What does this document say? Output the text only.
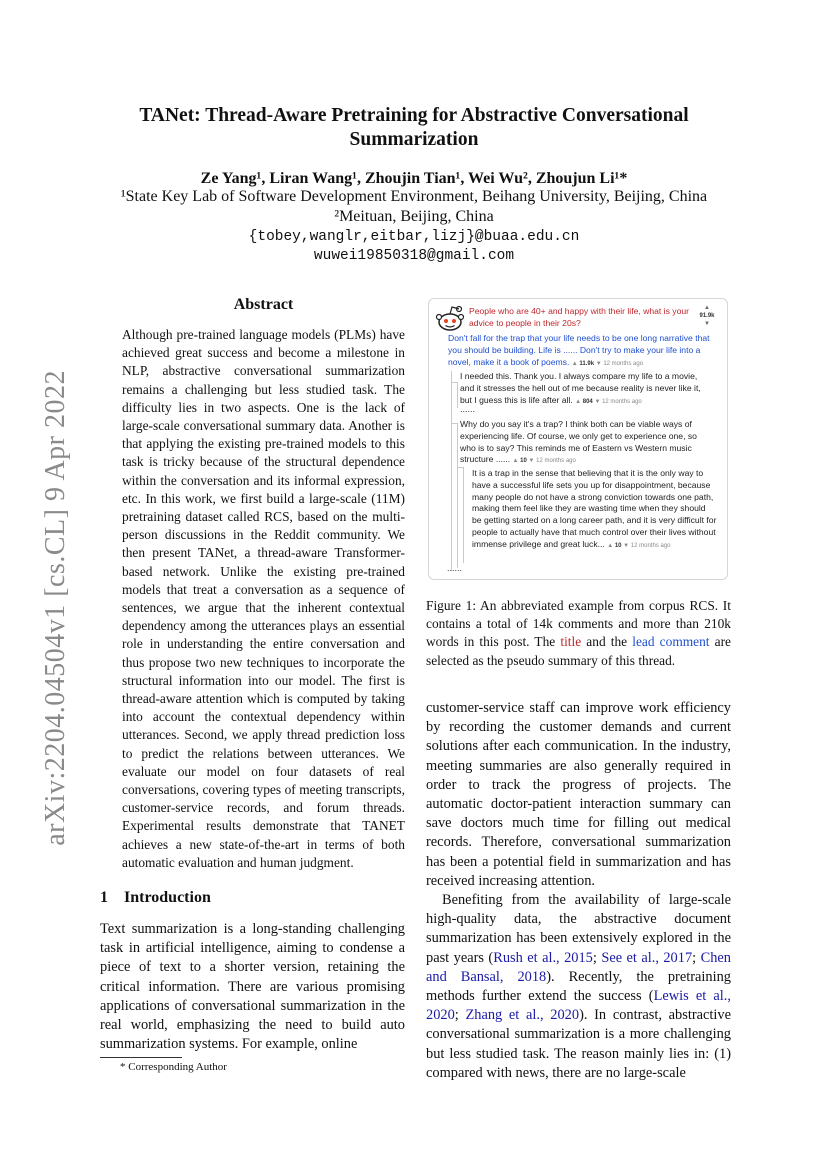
arXiv:2204.04504v1 [cs.CL] 9 Apr 2022
TANet: Thread-Aware Pretraining for Abstractive Conversational
Summarization
Ze Yang¹, Liran Wang¹, Zhoujin Tian¹, Wei Wu², Zhoujun Li¹*
¹State Key Lab of Software Development Environment, Beihang University, Beijing, China
²Meituan, Beijing, China
{tobey,wanglr,eitbar,lizj}@buaa.edu.cn
wuwei19850318@gmail.com
Abstract
Although pre-trained language models (PLMs) have achieved great success and become a milestone in NLP, abstractive conversational summarization remains a challenging but less studied task. The difficulty lies in two aspects. One is the lack of large-scale conversational summary data. Another is that applying the existing pre-trained models to this task is tricky because of the structural dependence within the conversation and its informal expression, etc. In this work, we first build a large-scale (11M) pretraining dataset called RCS, based on the multi-person discussions in the Reddit community. We then present TANet, a thread-aware Transformer-based network. Unlike the existing pre-trained models that treat a conversation as a sequence of sentences, we argue that the inherent contextual dependency among the utterances plays an essential role in understanding the entire conversation and thus propose two new techniques to incorporate the structural information into our model. The first is thread-aware attention which is computed by taking into account the contextual dependency within utterances. Second, we apply thread prediction loss to predict the relations between utterances. We evaluate our model on four datasets of real conversations, covering types of meeting transcripts, customer-service records, and forum threads. Experimental results demonstrate that TANET achieves a new state-of-the-art in terms of both automatic evaluation and human judgment.
1 Introduction
Text summarization is a long-standing challenging task in artificial intelligence, aiming to condense a piece of text to a shorter version, retaining the critical information. There are various promising applications of conversational summarization in the real world, emphasizing the need to build auto summarization systems. For example, online
* Corresponding Author
People who are 40+ and happy with their life, what is your advice to people in their 20s?
▲
91.9k
▼
Don't fall for the trap that your life needs to be one long narrative that you should be building. Life is ...... Don't try to make your life into a novel, make it a book of poems. ▲ 11.9k ▼ 12 months ago
I needed this. Thank you. I always compare my life to a movie, and it stresses the hell out of me because reality is never like it, but I guess this is life after all. ▲ 804 ▼ 12 months ago
......
Why do you say it's a trap? I think both can be viable ways of experiencing life. Of course, we only get to experience one, so who is to say? This reminds me of Eastern vs Western music structure ...... ▲ 10 ▼ 12 months ago
It is a trap in the sense that believing that it is the only way to have a successful life sets you up for disappointment, because many people do not have a strong conviction towards one path, making them feel like they are wasting time when they should be getting started on a long career path, and it is very difficult for people to actually have that much control over their lives without immense privilege and great luck... ▲ 10 ▼ 12 months ago
......
Figure 1: An abbreviated example from corpus RCS. It contains a total of 14k comments and more than 210k words in this post. The title and the lead comment are selected as the pseudo summary of this thread.
customer-service staff can improve work efficiency by recording the customer demands and current solutions after each communication. In the industry, meeting summaries are also generally required in order to track the progress of projects. The automatic doctor-patient interaction summary can save doctors much time for filling out medical records. Therefore, conversational summarization has been a potential field in summarization and has received increasing attention.
Benefiting from the availability of large-scale high-quality data, the abstractive document summarization has been extensively explored in the past years (Rush et al., 2015; See et al., 2017; Chen and Bansal, 2018). Recently, the pretraining methods further extend the success (Lewis et al., 2020; Zhang et al., 2020). In contrast, abstractive conversational summarization is a more challenging but less studied task. The reason mainly lies in: (1) compared with news, there are no large-scale
